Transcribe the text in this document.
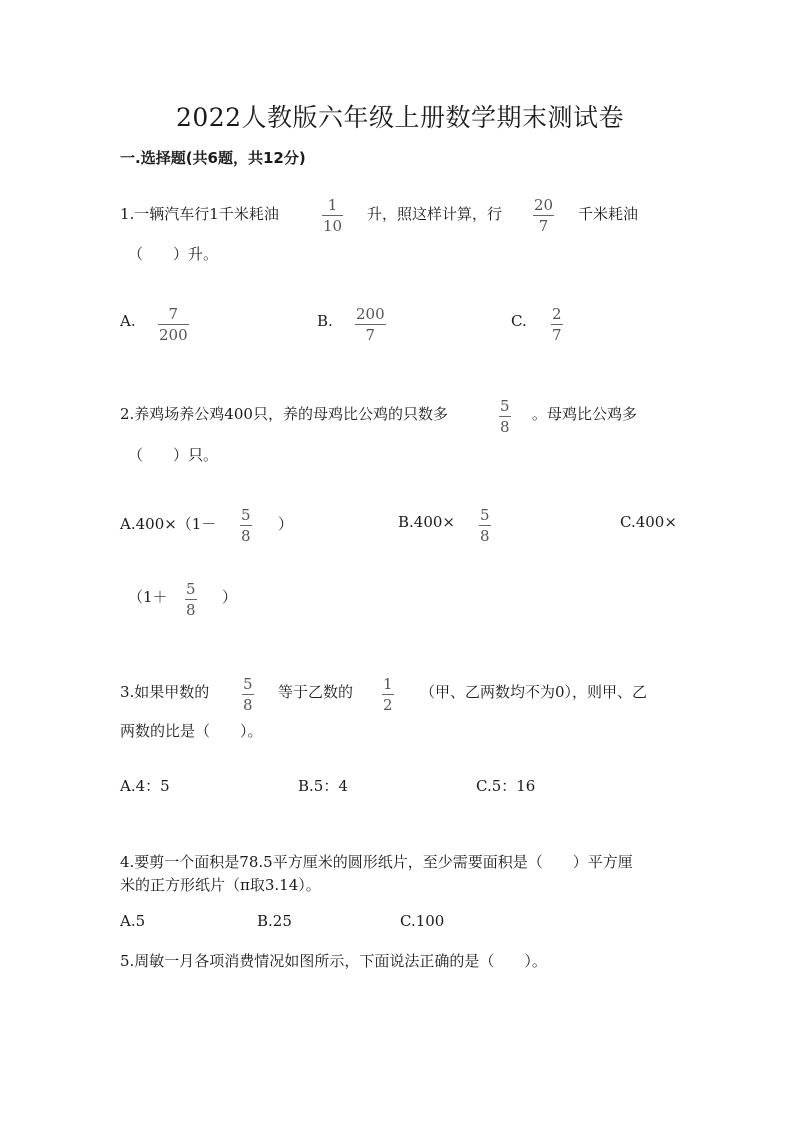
2022人教版六年级上册数学期末测试卷
一.选择题(共6题，共12分)
1.一辆汽车行1千米耗油	1
10
升，照这样计算，行 20
7
千米耗油
（　　）升。
A. 7
200
B. 200
7
C. 2
7
2.养鸡场养公鸡400只，养的母鸡比公鸡的只数多	5
8
。母鸡比公鸡多
（　　）只。
A.400×（1－ 5
8
）	B.400× 5
8
C.400×
（1＋ 5
8
）
3.如果甲数的 5
8
等于乙数的 1
2
（甲、乙两数均不为0），则甲、乙
两数的比是（　　）。
A.4：5	B.5：4	C.5：16
4.要剪一个面积是78.5平方厘米的圆形纸片，至少需要面积是（　　）平方厘
米的正方形纸片（π取3.14）。
A.5	B.25	C.100
5.周敏一月各项消费情况如图所示，下面说法正确的是（　　）。
